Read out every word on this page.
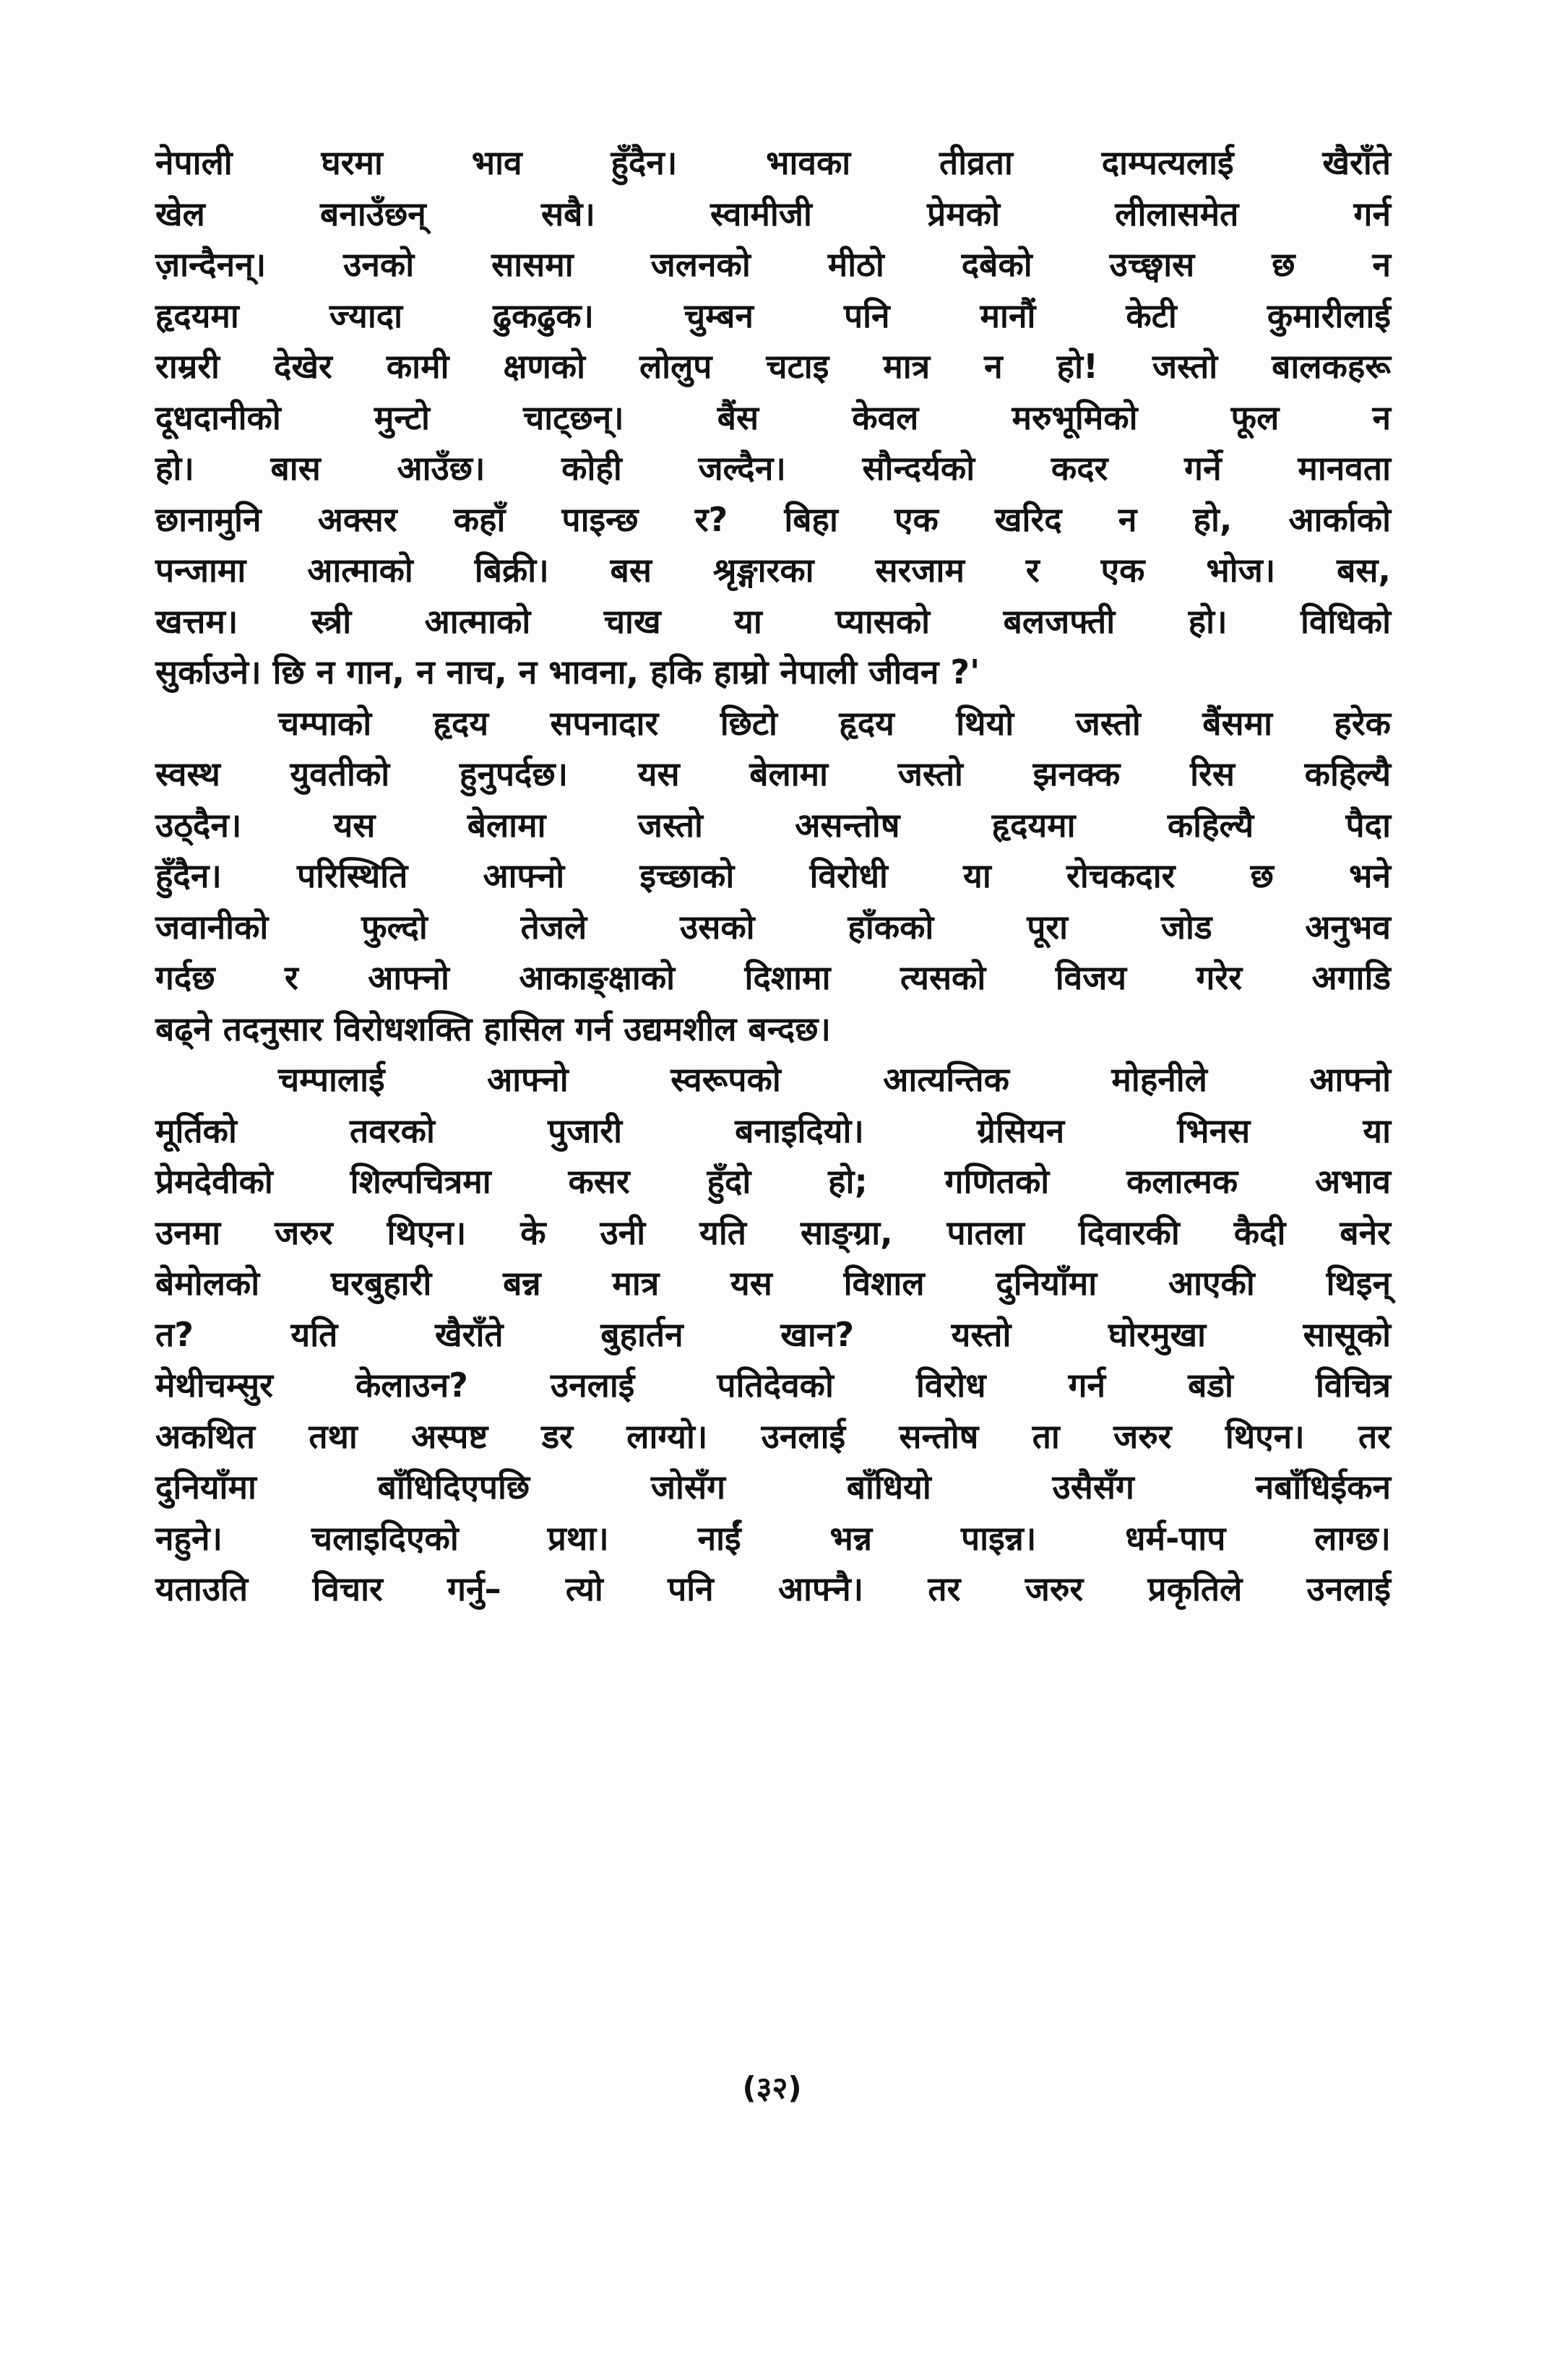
नेपाली घरमा भाव हुँदैन। भावका तीव्रता दाम्पत्यलाई खैराँते
खेल बनाउँछन् सबै। स्वामीजी प्रेमको लीलासमेत गर्न
ज़ान्दैनन्। उनको सासमा जलनको मीठो दबेको उच्छ्वास छ न
हृदयमा ज्यादा ढुकढुक। चुम्बन पनि मानौं केटी कुमारीलाई
राम्ररी देखेर कामी क्षणको लोलुप चटाइ मात्र न हो! जस्तो बालकहरू
दूधदानीको मुन्टो चाट्छन्। बैंस केवल मरुभूमिको फूल न
हो। बास आउँछ। कोही जल्दैन। सौन्दर्यको कदर गर्ने मानवता
छानामुनि अक्सर कहाँ पाइन्छ र? बिहा एक खरिद न हो, आर्काको
पन्जामा आत्माको बिक्री। बस श्रृङ्गारका सरजाम र एक भोज। बस,
खत्तम। स्त्री आत्माको चाख या प्यासको बलजफ्ती हो। विधिको
सुर्काउने। छि न गान, न नाच, न भावना, हकि हाम्रो नेपाली जीवन ?'
चम्पाको हृदय सपनादार छिटो हृदय थियो जस्तो बैंसमा हरेक
स्वस्थ युवतीको हुनुपर्दछ। यस बेलामा जस्तो झनक्क रिस कहिल्यै
उठ्दैन। यस बेलामा जस्तो असन्तोष हृदयमा कहिल्यै पैदा
हुँदैन। परिस्थिति आफ्नो इच्छाको विरोधी या रोचकदार छ भने
जवानीको फुल्दो तेजले उसको हाँकको पूरा जोड अनुभव
गर्दछ र आफ्नो आकाङ्क्षाको दिशामा त्यसको विजय गरेर अगाडि
बढ्ने तदनुसार विरोधशक्ति हासिल गर्न उद्यमशील बन्दछ।
चम्पालाई आफ्नो स्वरूपको आत्यन्तिक मोहनीले आफ्नो
मूर्तिको तवरको पुजारी बनाइदियो। ग्रेसियन भिनस या
प्रेमदेवीको शिल्पचित्रमा कसर हुँदो हो; गणितको कलात्मक अभाव
उनमा जरुर थिएन। के उनी यति साङ्ग्रा, पातला दिवारकी कैदी बनेर
बेमोलको घरबुहारी बन्न मात्र यस विशाल दुनियाँमा आएकी थिइन्
त? यति खैराँते बुहार्तन खान? यस्तो घोरमुखा सासूको
मेथीचम्सुर केलाउन? उनलाई पतिदेवको विरोध गर्न बडो विचित्र
अकथित तथा अस्पष्ट डर लाग्यो। उनलाई सन्तोष ता जरुर थिएन। तर
दुनियाँमा बाँधिदिएपछि जोसँग बाँधियो उसैसँग नबाँधिईकन
नहुने। चलाइदिएको प्रथा। नाईं भन्न पाइन्न। धर्म-पाप लाग्छ।
यताउति विचार गर्नु– त्यो पनि आफ्नै। तर जरुर प्रकृतिले उनलाई
(३२)
